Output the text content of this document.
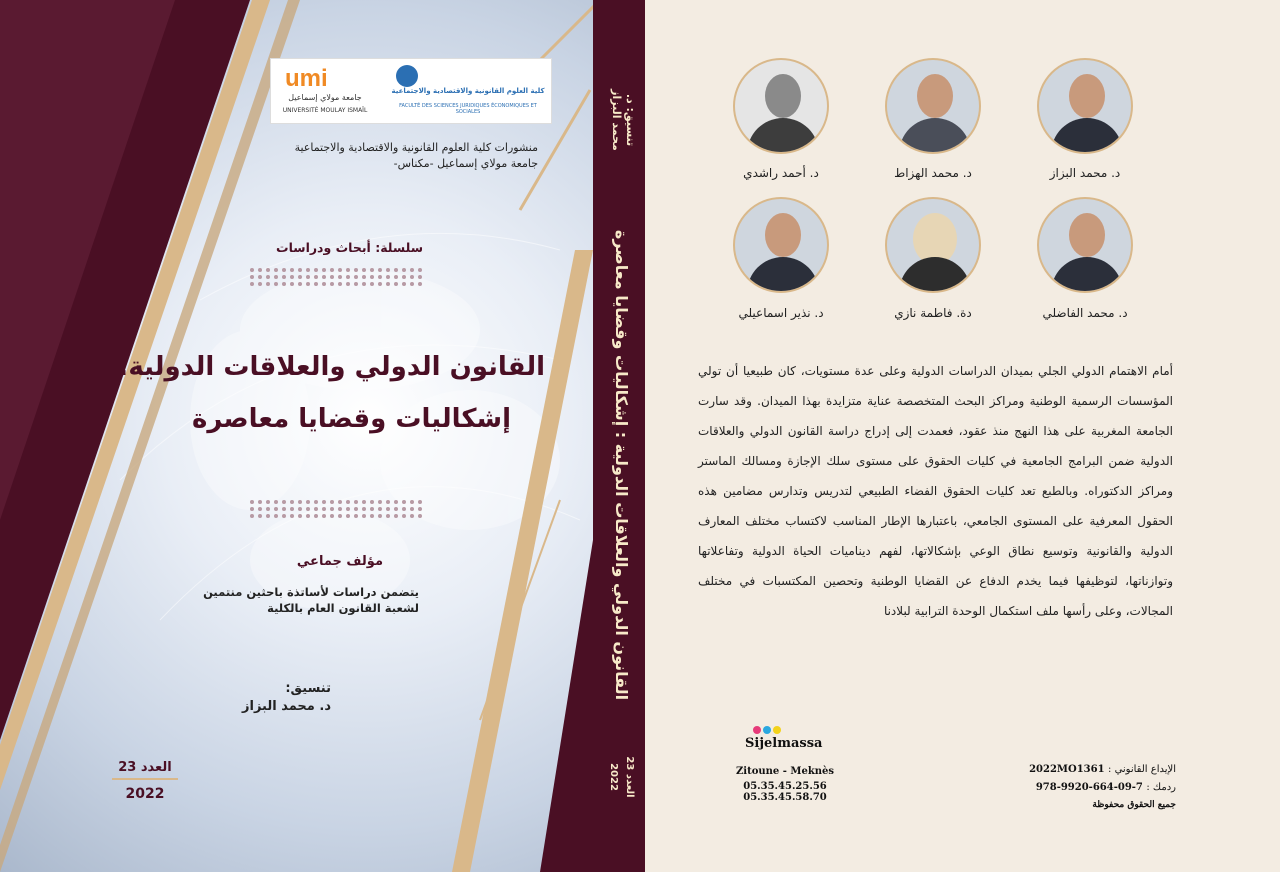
umi
جامعة مولاي إسماعيل
UNIVERSITÉ MOULAY ISMAÏL
كلية العلوم القانونية والاقتصادية والاجتماعية
FACULTÉ DES SCIENCES JURIDIQUES ÉCONOMIQUES ET SOCIALES
منشورات كلية العلوم القانونية والاقتصادية والاجتماعية
جامعة مولاي إسماعيل -مكناس-
سلسلة: أبحاث ودراسات
القانون الدولي والعلاقات الدولية:
إشكاليات وقضايا معاصرة
مؤلف جماعي
يتضمن دراسات لأساتذة باحثين منتمين
لشعبة القانون العام بالكلية
تنسيق:
د. محمد البزاز
العدد 23
2022
تنسيق: د. محمد البزاز
القانون الدولي والعلاقات الدولية : إشكاليات وقضايا معاصرة
العدد 23
2022
د. محمد البزاز
د. محمد الهزاط
د. أحمد راشدي
د. محمد الفاضلي
دة. فاطمة نازي
د. نذير اسماعيلي
أمام الاهتمام الدولي الجلي بميدان الدراسات الدولية وعلى عدة مستويات، كان طبيعيا أن تولي المؤسسات الرسمية الوطنية ومراكز البحث المتخصصة عناية متزايدة بهذا الميدان. وقد سارت الجامعة المغربية على هذا النهج منذ عقود، فعمدت إلى إدراج دراسة القانون الدولي والعلاقات الدولية ضمن البرامج الجامعية في كليات الحقوق على مستوى سلك الإجازة ومسالك الماستر ومراكز الدكتوراه. وبالطبع تعد كليات الحقوق الفضاء الطبيعي لتدريس وتدارس مضامين هذه الحقول المعرفية على المستوى الجامعي، باعتبارها الإطار المناسب لاكتساب مختلف المعارف الدولية والقانونية وتوسيع نطاق الوعي بإشكالاتها، لفهم ديناميات الحياة الدولية وتفاعلاتها وتوازناتها، لتوظيفها فيما يخدم الدفاع عن القضايا الوطنية وتحصين المكتسبات في مختلف المجالات، وعلى رأسها ملف استكمال الوحدة الترابية لبلادنا
Sijelmassa
Zitoune - Meknès
05.35.45.25.56
05.35.45.58.70
الإيداع القانوني : 2022MO1361
ردمك : 978-9920-664-09-7
جميع الحقوق محفوظة
